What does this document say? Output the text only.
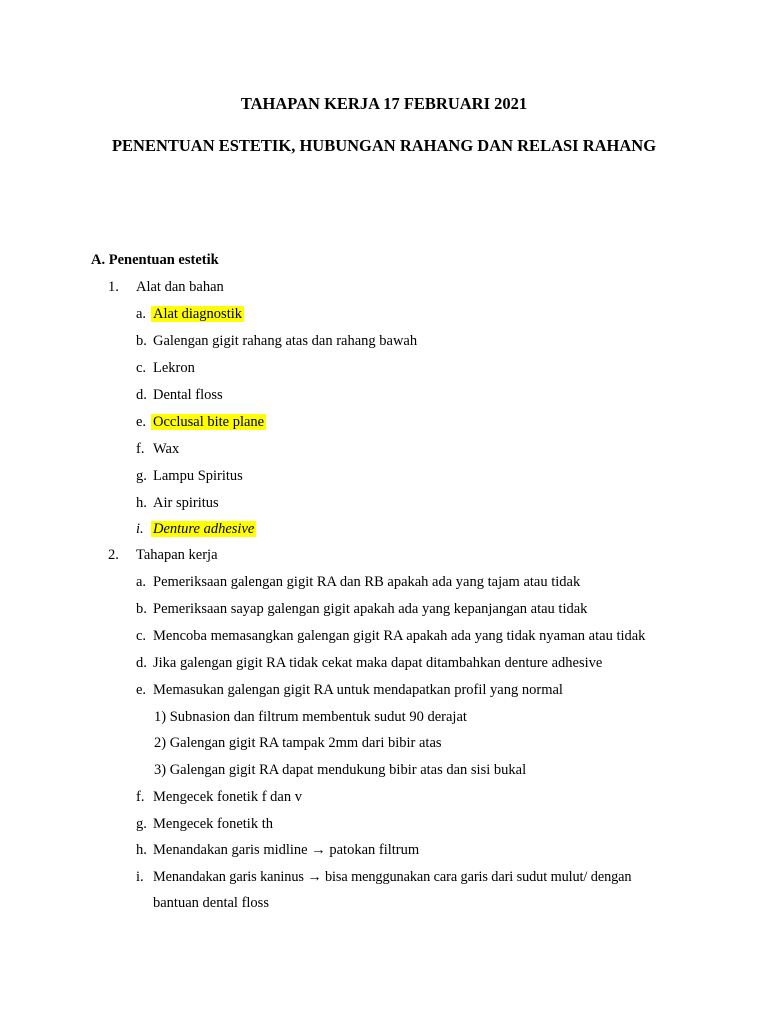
TAHAPAN KERJA 17 FEBRUARI 2021
PENENTUAN ESTETIK, HUBUNGAN RAHANG DAN RELASI RAHANG
A. Penentuan estetik
1. Alat dan bahan
a. Alat diagnostik
b. Galengan gigit rahang atas dan rahang bawah
c. Lekron
d. Dental floss
e. Occlusal bite plane
f. Wax
g. Lampu Spiritus
h. Air spiritus
i. Denture adhesive
2. Tahapan kerja
a. Pemeriksaan galengan gigit RA dan RB apakah ada yang tajam atau tidak
b. Pemeriksaan sayap galengan gigit apakah ada yang kepanjangan atau tidak
c. Mencoba memasangkan galengan gigit RA apakah ada yang tidak nyaman atau tidak
d. Jika galengan gigit RA tidak cekat maka dapat ditambahkan denture adhesive
e. Memasukan galengan gigit RA untuk mendapatkan profil yang normal
1) Subnasion dan filtrum membentuk sudut 90 derajat
2) Galengan gigit RA tampak 2mm dari bibir atas
3) Galengan gigit RA dapat mendukung bibir atas dan sisi bukal
f. Mengecek fonetik f dan v
g. Mengecek fonetik th
h. Menandakan garis midline → patokan filtrum
i. Menandakan garis kaninus → bisa menggunakan cara garis dari sudut mulut/ dengan
bantuan dental floss
